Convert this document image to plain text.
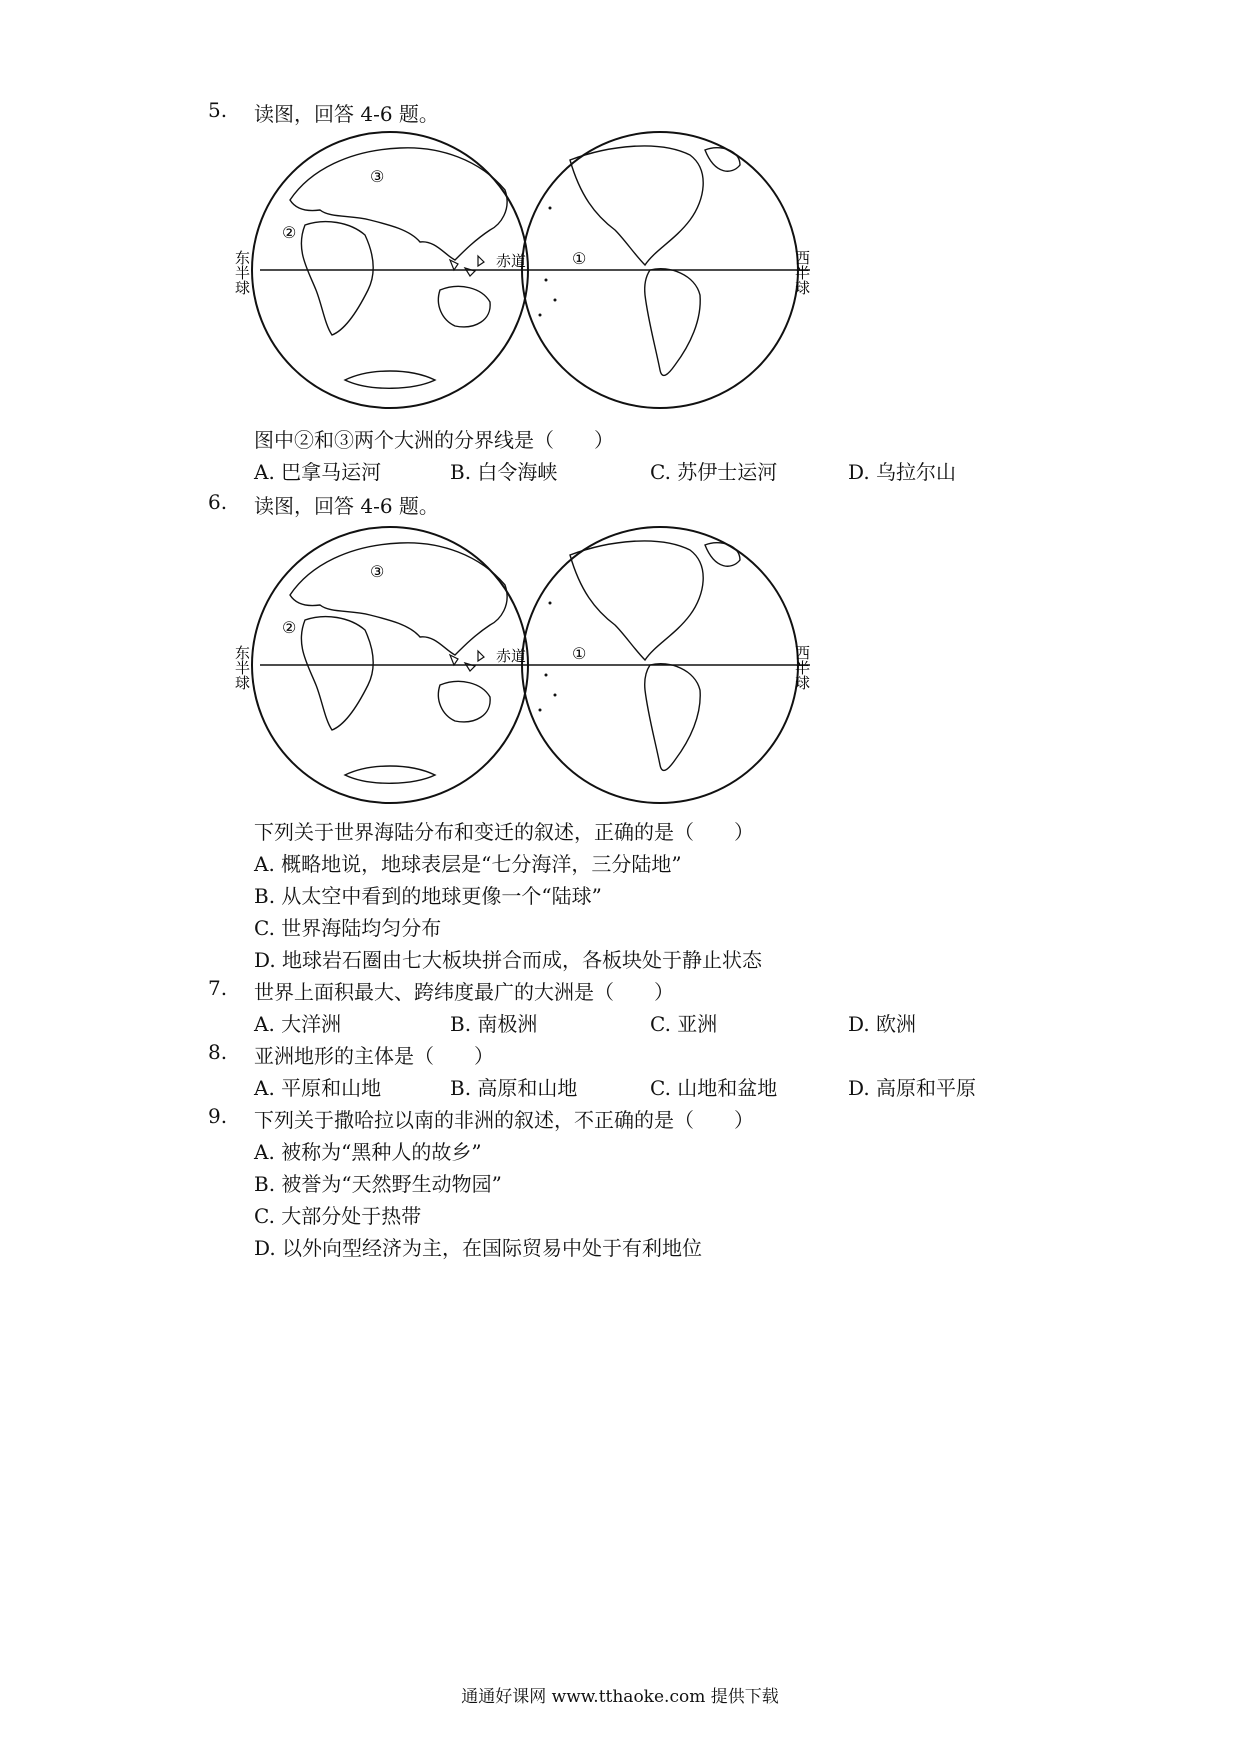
5. 读图，回答 4-6 题。
③
②
①
赤道
东半球	西半球
图中②和③两个大洲的分界线是（　　）
A. 巴拿马运河	B. 白令海峡	C. 苏伊士运河	D. 乌拉尔山
6. 读图，回答 4-6 题。
③
②
①
赤道
东半球	西半球
下列关于世界海陆分布和变迁的叙述，正确的是（　　）
A. 概略地说，地球表层是“七分海洋，三分陆地”
B. 从太空中看到的地球更像一个“陆球”
C. 世界海陆均匀分布
D. 地球岩石圈由七大板块拼合而成，各板块处于静止状态
7. 世界上面积最大、跨纬度最广的大洲是（　　）
A. 大洋洲	B. 南极洲	C. 亚洲	D. 欧洲
8. 亚洲地形的主体是（　　）
A. 平原和山地	B. 高原和山地	C. 山地和盆地	D. 高原和平原
9. 下列关于撒哈拉以南的非洲的叙述，不正确的是（　　）
A. 被称为“黑种人的故乡”
B. 被誉为“天然野生动物园”
C. 大部分处于热带
D. 以外向型经济为主，在国际贸易中处于有利地位
通通好课网 www.tthaoke.com 提供下载
